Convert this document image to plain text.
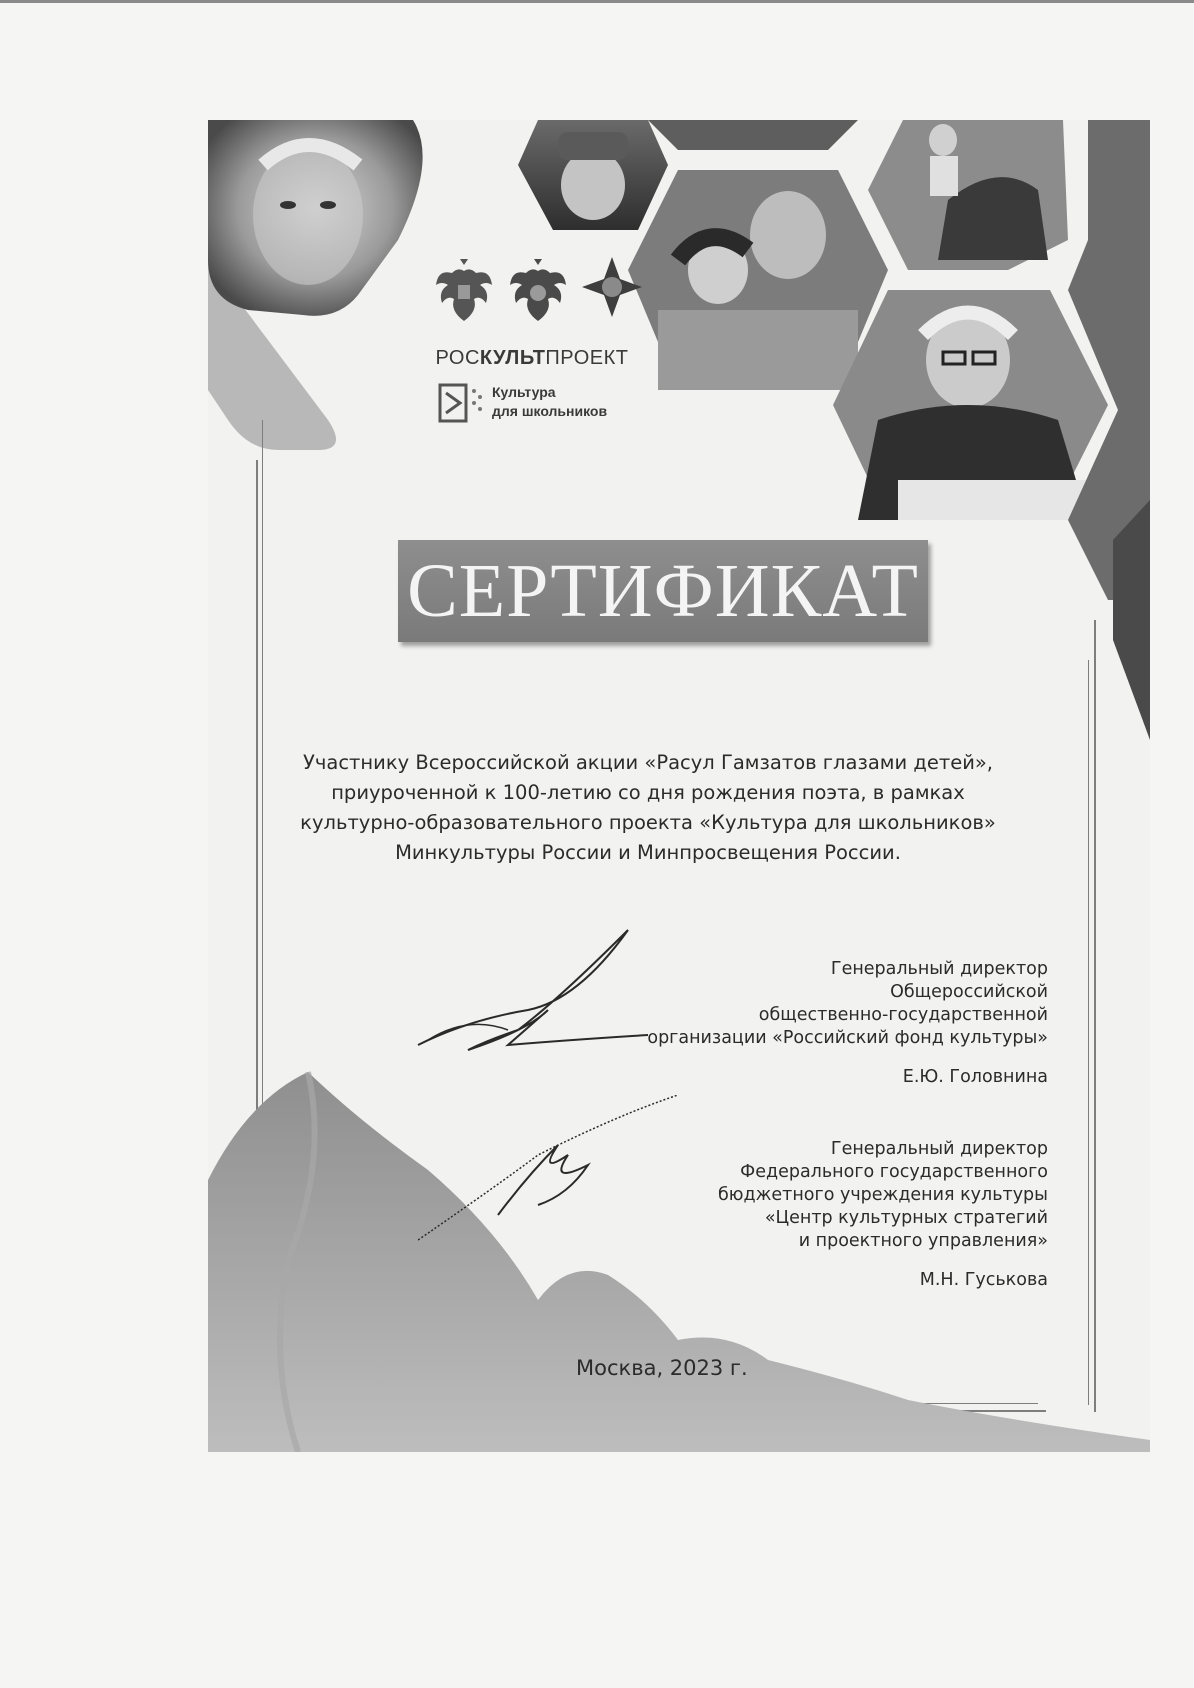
РОСКУЛЬТПРОЕКТ
Культура
для школьников
СЕРТИФИКАТ
Участнику Всероссийской акции «Расул Гамзатов глазами детей»,
приуроченной к 100-летию со дня рождения поэта, в рамках
культурно-образовательного проекта «Культура для школьников»
Минкультуры России и Минпросвещения России.
Генеральный директор
Общероссийской
общественно-государственной
организации «Российский фонд культуры»
Е.Ю. Головнина
Генеральный директор
Федерального государственного
бюджетного учреждения культуры
«Центр культурных стратегий
и проектного управления»
М.Н. Гуськова
Москва, 2023 г.
